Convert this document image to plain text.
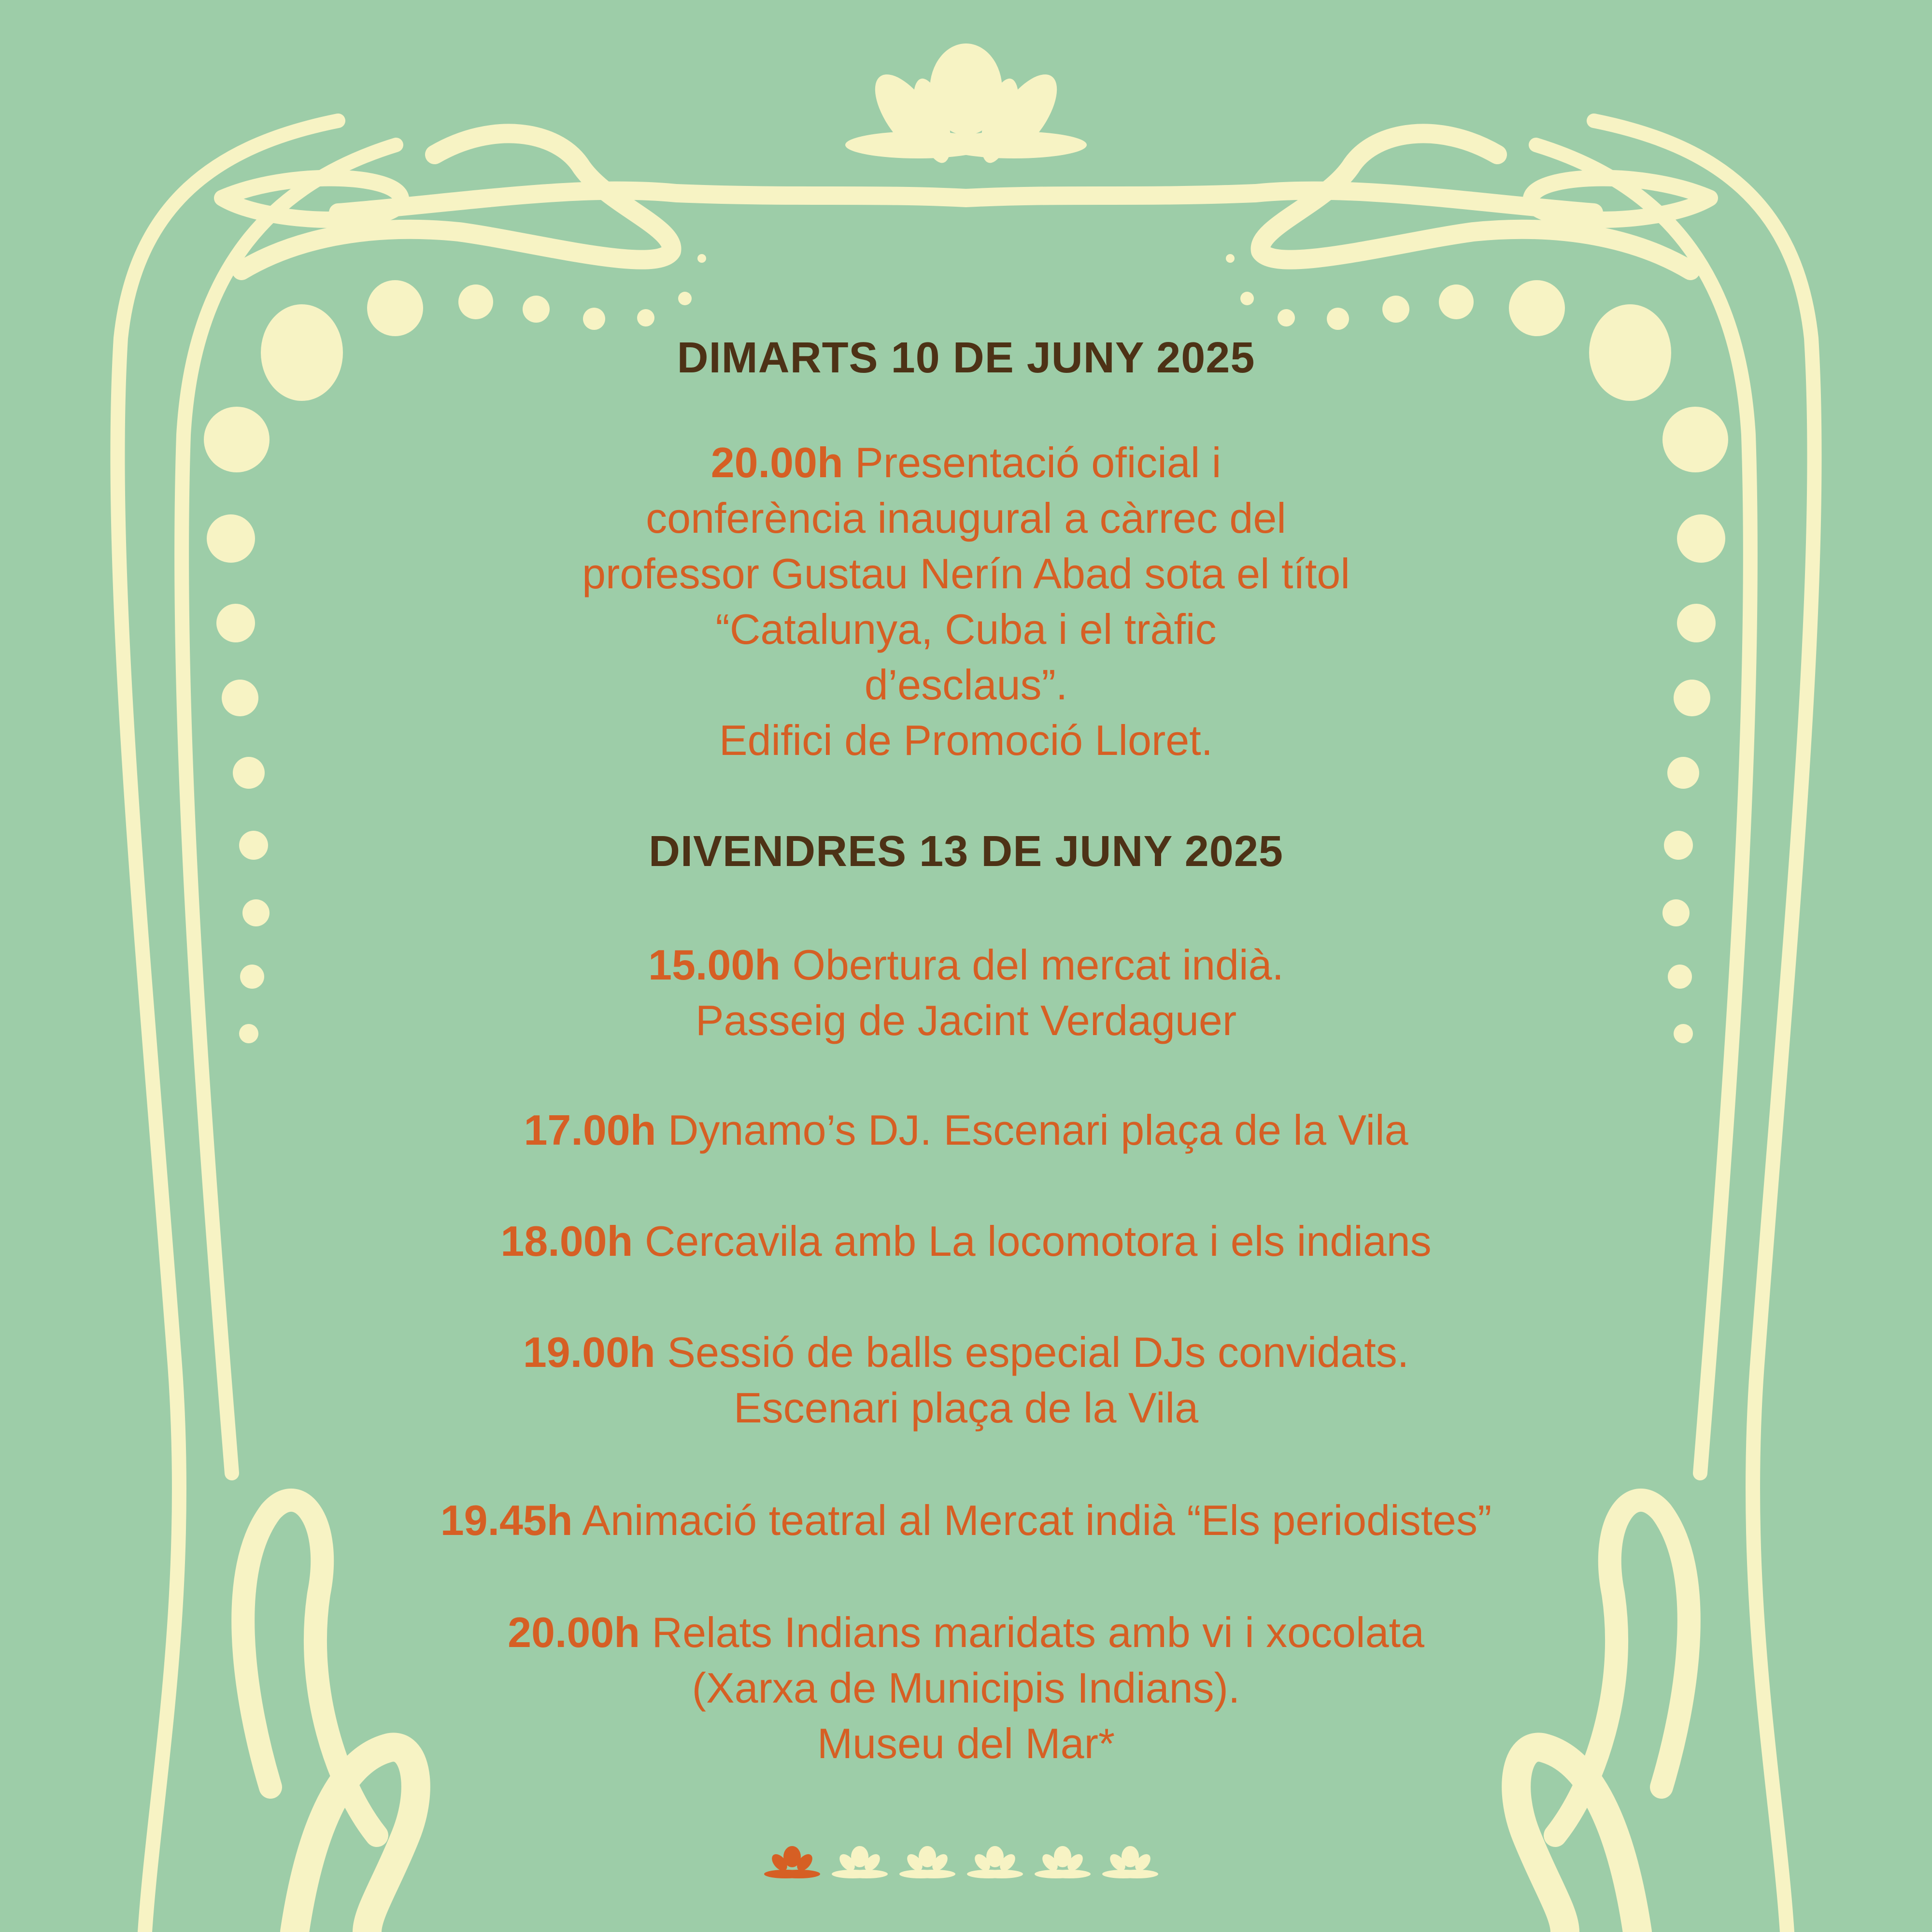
DIMARTS 10 DE JUNY 2025
20.00h Presentació oficial i
conferència inaugural a càrrec del
professor Gustau Nerín Abad sota el títol
“Catalunya, Cuba i el tràfic
d’esclaus”.
Edifici de Promoció Lloret.
DIVENDRES 13 DE JUNY 2025
15.00h Obertura del mercat indià.
Passeig de Jacint Verdaguer
17.00h Dynamo’s DJ. Escenari plaça de la Vila
18.00h Cercavila amb La locomotora i els indians
19.00h Sessió de balls especial DJs convidats.
Escenari plaça de la Vila
19.45h Animació teatral al Mercat indià “Els periodistes”
20.00h Relats Indians maridats amb vi i xocolata
(Xarxa de Municipis Indians).
Museu del Mar*
